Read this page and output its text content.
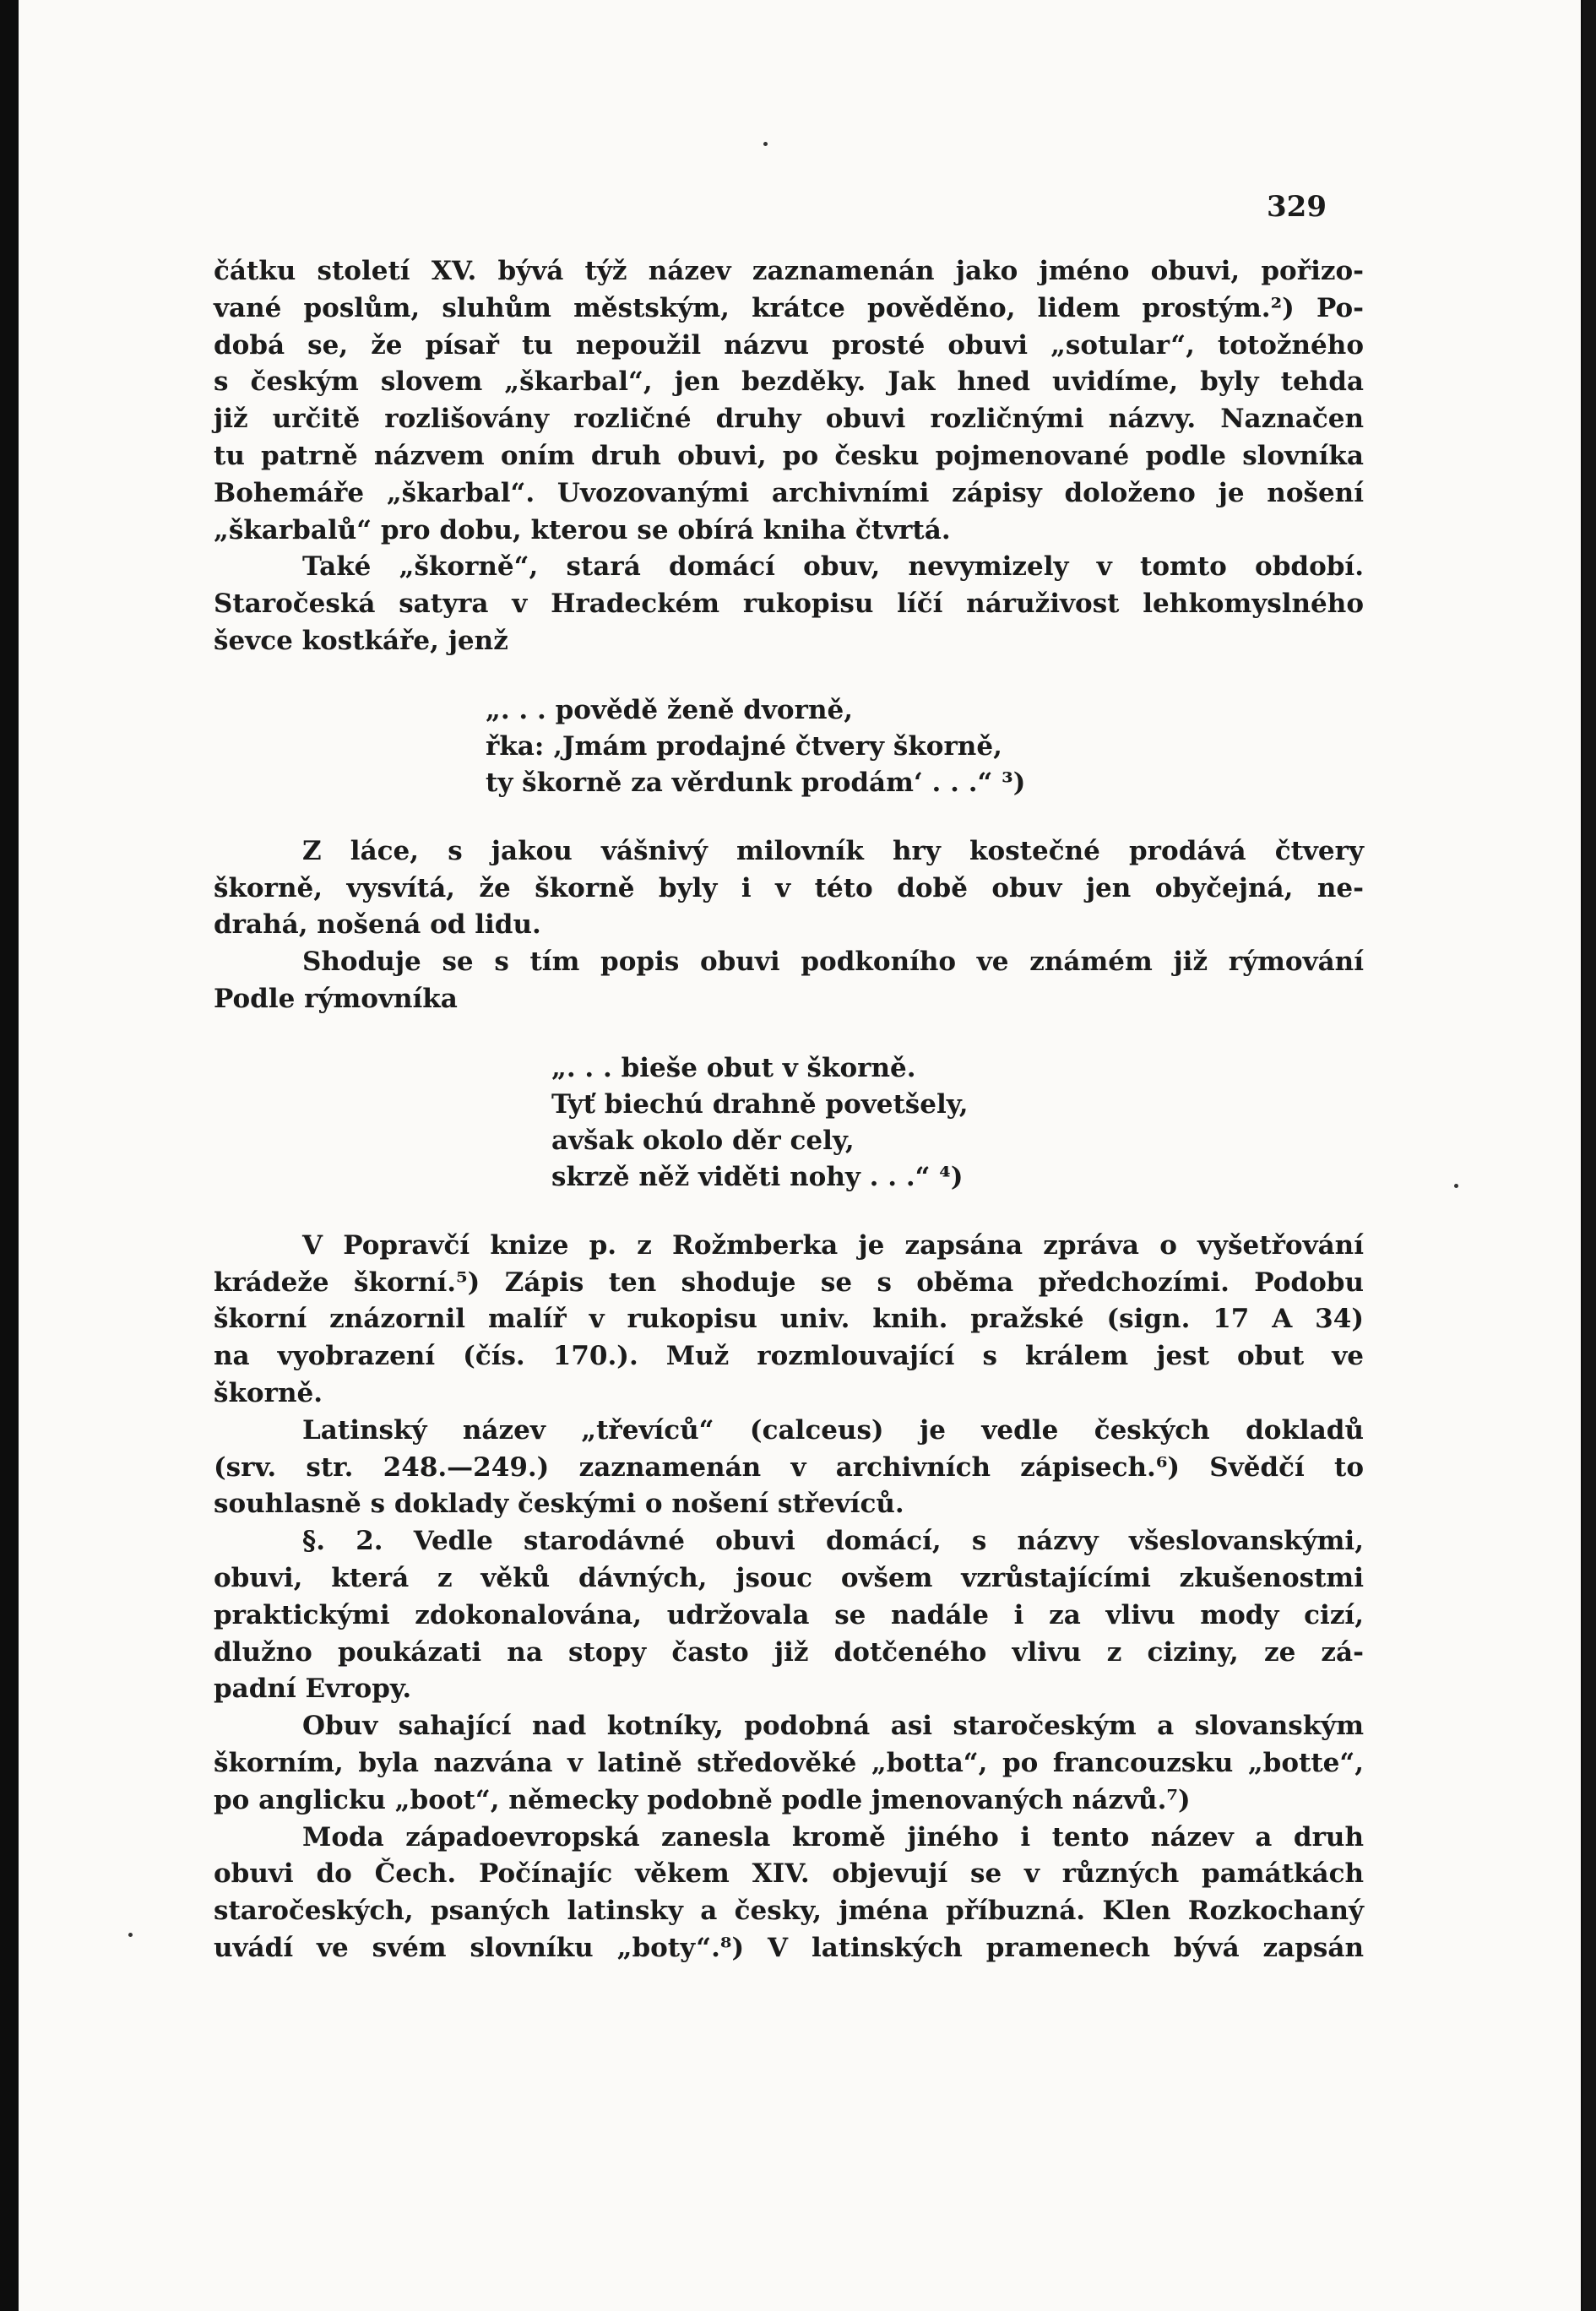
329

čátku století XV. bývá týž název zaznamenán jako jméno obuvi, pořizo-
vané poslům, sluhům městským, krátce pověděno, lidem prostým.²) Po-
dobá se, že písař tu nepoužil názvu prosté obuvi „sotular“, totožného
s českým slovem „škarbal“, jen bezděky. Jak hned uvidíme, byly tehda
již určitě rozlišovány rozličné druhy obuvi rozličnými názvy. Naznačen
tu patrně názvem oním druh obuvi, po česku pojmenované podle slovníka
Bohemáře „škarbal“. Uvozovanými archivními zápisy doloženo je nošení
„škarbalů“ pro dobu, kterou se obírá kniha čtvrtá.

Také „škorně“, stará domácí obuv, nevymizely v tomto období.
Staročeská satyra v Hradeckém rukopisu líčí náruživost lehkomyslného
ševce kostkáře, jenž

„. . . povědě ženě dvorně,
řka: ‚Jmám prodajné čtvery škorně,
ty škorně za věrdunk prodám‘ . . .“ ³)

Z láce, s jakou vášnivý milovník hry kostečné prodává čtvery
škorně, vysvítá, že škorně byly i v této době obuv jen obyčejná, ne-
drahá, nošená od lidu.

Shoduje se s tím popis obuvi podkoního ve známém již rýmování
Podle rýmovníka

„. . . bieše obut v škorně.
Tyť biechú drahně povetšely,
avšak okolo děr cely,
skrzě něž viděti nohy . . .“ ⁴)

V Popravčí knize p. z Rožmberka je zapsána zpráva o vyšetřování
krádeže škorní.⁵) Zápis ten shoduje se s oběma předchozími. Podobu
škorní znázornil malíř v rukopisu univ. knih. pražské (sign. 17 A 34)
na vyobrazení (čís. 170.). Muž rozmlouvající s králem jest obut ve
škorně.

Latinský název „třevíců“ (calceus) je vedle českých dokladů
(srv. str. 248.—249.) zaznamenán v archivních zápisech.⁶) Svědčí to
souhlasně s doklady českými o nošení střevíců.

§. 2. Vedle starodávné obuvi domácí, s názvy všeslovanskými,
obuvi, která z věků dávných, jsouc ovšem vzrůstajícími zkušenostmi
praktickými zdokonalována, udržovala se nadále i za vlivu mody cizí,
dlužno poukázati na stopy často již dotčeného vlivu z ciziny, ze zá-
padní Evropy.

Obuv sahající nad kotníky, podobná asi staročeským a slovanským
škorním, byla nazvána v latině středověké „botta“, po francouzsku „botte“,
po anglicku „boot“, německy podobně podle jmenovaných názvů.⁷)

Moda západoevropská zanesla kromě jiného i tento název a druh
obuvi do Čech. Počínajíc věkem XIV. objevují se v různých památkách
staročeských, psaných latinsky a česky, jména příbuzná. Klen Rozkochaný
uvádí ve svém slovníku „boty“.⁸) V latinských pramenech bývá zapsán
